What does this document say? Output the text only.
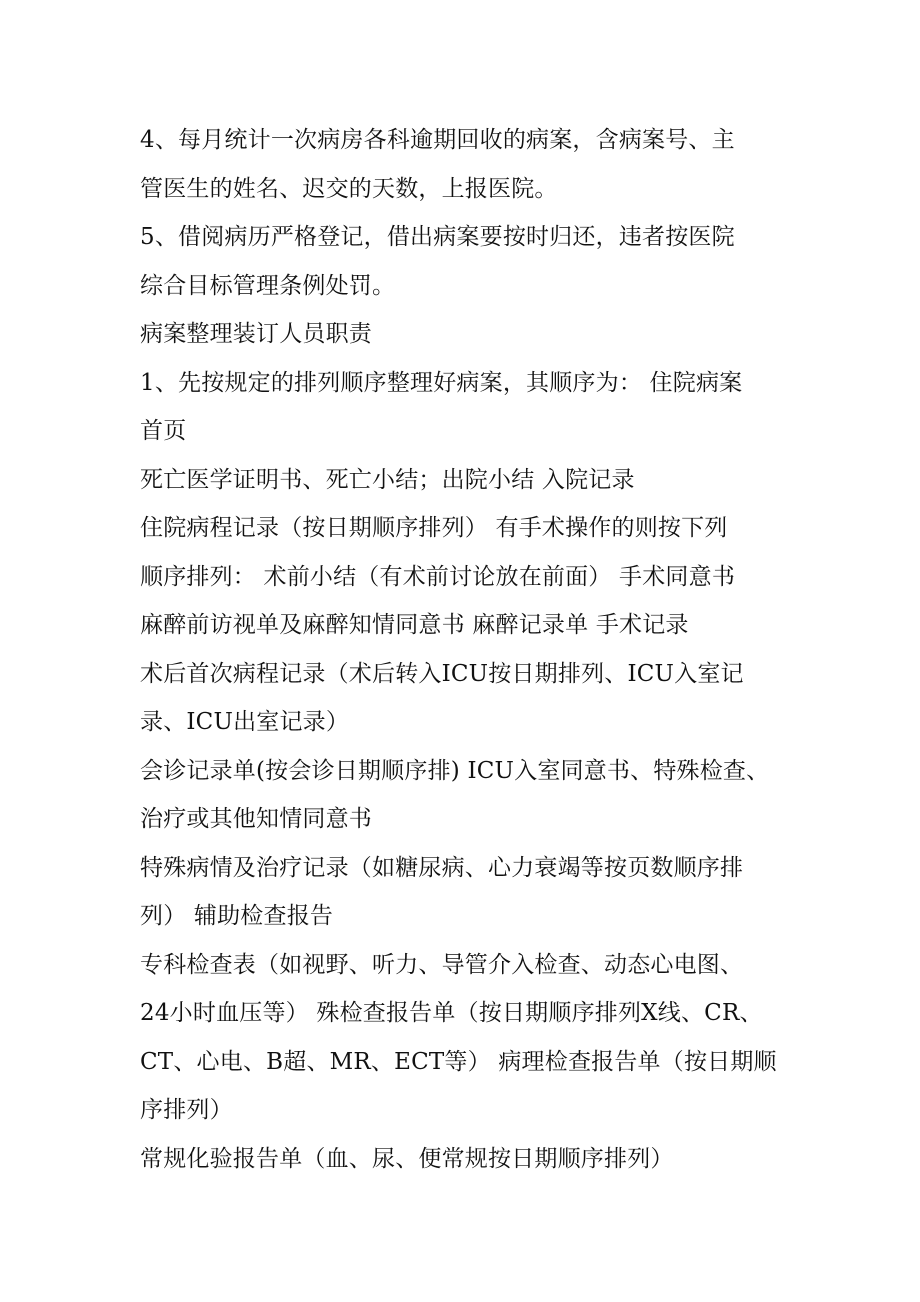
4、每月统计一次病房各科逾期回收的病案，含病案号、主
管医生的姓名、迟交的天数，上报医院。
5、借阅病历严格登记，借出病案要按时归还，违者按医院
综合目标管理条例处罚。
病案整理装订人员职责
1、先按规定的排列顺序整理好病案，其顺序为： 住院病案
首页
死亡医学证明书、死亡小结；出院小结 入院记录
住院病程记录（按日期顺序排列） 有手术操作的则按下列
顺序排列： 术前小结（有术前讨论放在前面） 手术同意书
麻醉前访视单及麻醉知情同意书 麻醉记录单 手术记录
术后首次病程记录（术后转入ICU按日期排列、ICU入室记
录、ICU出室记录）
会诊记录单(按会诊日期顺序排) ICU入室同意书、特殊检查、
治疗或其他知情同意书
特殊病情及治疗记录（如糖尿病、心力衰竭等按页数顺序排
列） 辅助检查报告
专科检查表（如视野、听力、导管介入检查、动态心电图、
24小时血压等） 殊检查报告单（按日期顺序排列X线、CR、
CT、心电、B超、MR、ECT等） 病理检查报告单（按日期顺
序排列）
常规化验报告单（血、尿、便常规按日期顺序排列）
